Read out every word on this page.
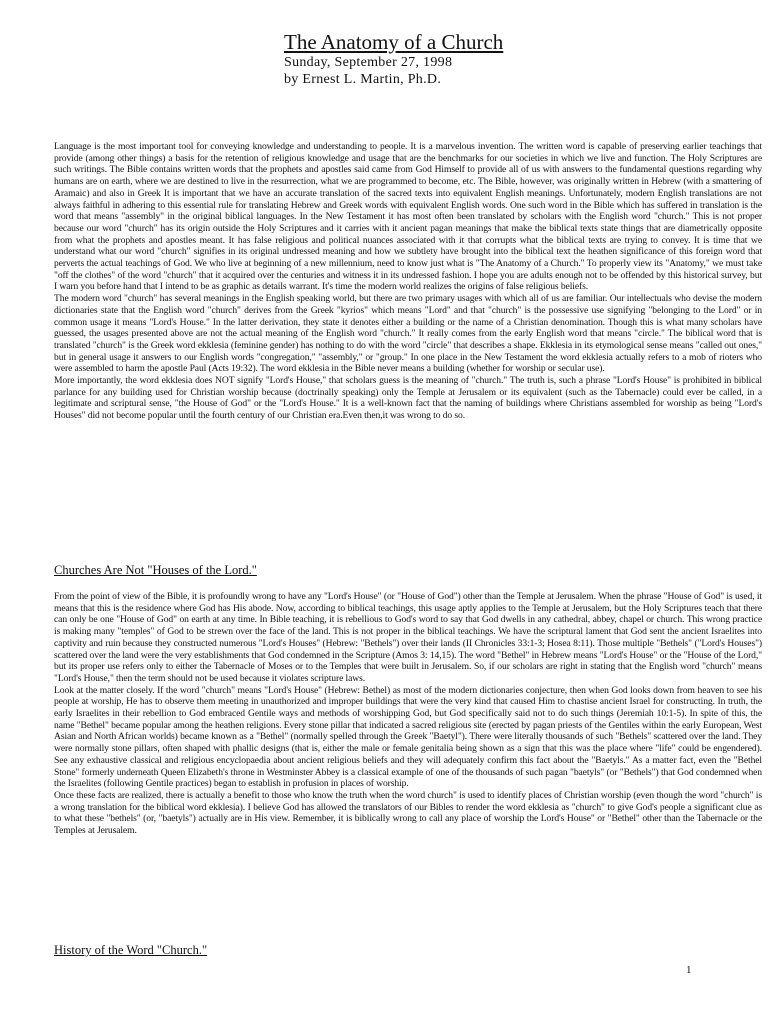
The Anatomy of a Church
Sunday, September 27, 1998
by Ernest L. Martin, Ph.D.

Language is the most important tool for conveying knowledge and understanding to people. It is a marvelous invention. The written word is capable of preserving earlier teachings that provide (among other things) a basis for the retention of religious knowledge and usage that are the benchmarks for our societies in which we live and function. The Holy Scriptures are such writings. The Bible contains written words that the prophets and apostles said came from God Himself to provide all of us with answers to the fundamental questions regarding why humans are on earth, where we are destined to live in the resurrection, what we are programmed to become, etc. The Bible, however, was originally written in Hebrew (with a smattering of Aramaic) and also in Greek It is important that we have an accurate translation of the sacred texts into equivalent English meanings. Unfortunately, modern English translations are not always faithful in adhering to this essential rule for translating Hebrew and Greek words with equivalent English words. One such word in the Bible which has suffered in translation is the word that means "assembly" in the original biblical languages. In the New Testament it has most often been translated by scholars with the English word "church." This is not proper because our word "church" has its origin outside the Holy Scriptures and it carries with it ancient pagan meanings that make the biblical texts state things that are diametrically opposite from what the prophets and apostles meant. It has false religious and political nuances associated with it that corrupts what the biblical texts are trying to convey. It is time that we understand what our word "church" signifies in its original undressed meaning and how we subtlety have brought into the biblical text the heathen significance of this foreign word that perverts the actual teachings of God. We who live at beginning of a new millennium, need to know just what is "The Anatomy of a Church." To properly view its "Anatomy," we must take "off the clothes" of the word "church" that it acquired over the centuries and witness it in its undressed fashion. I hope you are adults enough not to be offended by this historical survey, but I warn you before hand that I intend to be as graphic as details warrant. It's time the modern world realizes the origins of false religious beliefs.

The modern word "church" has several meanings in the English speaking world, but there are two primary usages with which all of us are familiar. Our intellectuals who devise the modern dictionaries state that the English word "church" derives from the Greek "kyrios" which means "Lord" and that "church" is the possessive use signifying "belonging to the Lord" or in common usage it means "Lord's House." In the latter derivation, they state it denotes either a building or the name of a Christian denomination. Though this is what many scholars have guessed, the usages presented above are not the actual meaning of the English word "church." It really comes from the early English word that means "circle." The biblical word that is translated "church" is the Greek word ekklesia (feminine gender) has nothing to do with the word "circle" that describes a shape. Ekklesia in its etymological sense means "called out ones," but in general usage it answers to our English words "congregation," "assembly," or "group." In one place in the New Testament the word ekklesia actually refers to a mob of rioters who were assembled to harm the apostle Paul (Acts 19:32). The word ekklesia in the Bible never means a building (whether for worship or secular use).

More importantly, the word ekklesia does NOT signify "Lord's House," that scholars guess is the meaning of "church." The truth is, such a phrase "Lord's House" is prohibited in biblical parlance for any building used for Christian worship because (doctrinally speaking) only the Temple at Jerusalem or its equivalent (such as the Tabernacle) could ever be called, in a legitimate and scriptural sense, "the House of God" or the "Lord's House." It is a well-known fact that the naming of buildings where Christians assembled for worship as being "Lord's Houses" did not become popular until the fourth century of our Christian era.Even then,it was wrong to do so.

Churches Are Not "Houses of the Lord."

From the point of view of the Bible, it is profoundly wrong to have any "Lord's House" (or "House of God") other than the Temple at Jerusalem. When the phrase "House of God" is used, it means that this is the residence where God has His abode. Now, according to biblical teachings, this usage aptly applies to the Temple at Jerusalem, but the Holy Scriptures teach that there can only be one "House of God" on earth at any time. In Bible teaching, it is rebellious to God's word to say that God dwells in any cathedral, abbey, chapel or church. This wrong practice is making many "temples" of God to be strewn over the face of the land. This is not proper in the biblical teachings. We have the scriptural lament that God sent the ancient Israelites into captivity and ruin because they constructed numerous "Lord's Houses" (Hebrew: "Bethels") over their lands (II Chronicles 33:1-3; Hosea 8:11). Those multiple "Bethels" ("Lord's Houses") scattered over the land were the very establishments that God condemned in the Scripture (Amos 3: 14,15). The word "Bethel" in Hebrew means "Lord's House" or the "House of the Lord," but its proper use refers only to either the Tabernacle of Moses or to the Temples that were built in Jerusalem. So, if our scholars are right in stating that the English word "church" means "Lord's House," then the term should not be used because it violates scripture laws.

Look at the matter closely. If the word "church" means "Lord's House" (Hebrew: Bethel) as most of the modern dictionaries conjecture, then when God looks down from heaven to see his people at worship, He has to observe them meeting in unauthorized and improper buildings that were the very kind that caused Him to chastise ancient Israel for constructing. In truth, the early Israelites in their rebellion to God embraced Gentile ways and methods of worshipping God, but God specifically said not to do such things (Jeremiah 10:1-5). In spite of this, the name "Bethel" became popular among the heathen religions. Every stone pillar that indicated a sacred religious site (erected by pagan priests of the Gentiles within the early European, West Asian and North African worlds) became known as a "Bethel" (normally spelled through the Greek "Baetyl"). There were literally thousands of such "Bethels" scattered over the land. They were normally stone pillars, often shaped with phallic designs (that is, either the male or female genitalia being shown as a sign that this was the place where "life" could be engendered). See any exhaustive classical and religious encyclopaedia about ancient religious beliefs and they will adequately confirm this fact about the "Baetyls." As a matter fact, even the "Bethel Stone" formerly underneath Queen Elizabeth's throne in Westminster Abbey is a classical example of one of the thousands of such pagan "baetyls" (or "Bethels") that God condemned when the Israelites (following Gentile practices) began to establish in profusion in places of worship.

Once these facts are realized, there is actually a benefit to those who know the truth when the word church" is used to identify places of Christian worship (even though the word "church" is a wrong translation for the biblical word ekklesia). I believe God has allowed the translators of our Bibles to render the word ekklesia as "church" to give God's people a significant clue as to what these "bethels" (or, "baetyls") actually are in His view. Remember, it is biblically wrong to call any place of worship the Lord's House" or "Bethel" other than the Tabernacle or the Temples at Jerusalem.

History of the Word "Church."
1
